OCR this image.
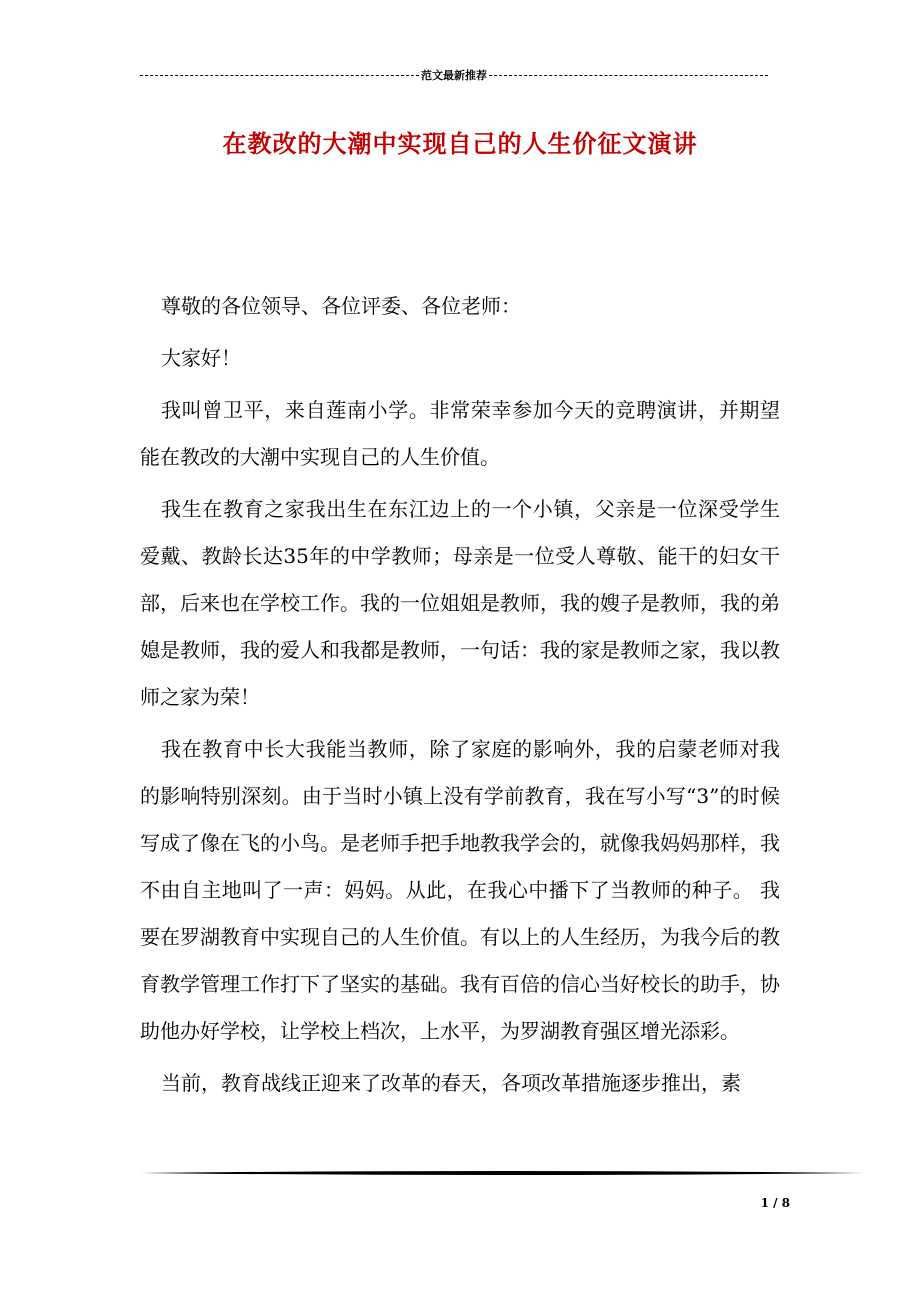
范文最新推荐
在教改的大潮中实现自己的人生价征文演讲

尊敬的各位领导、各位评委、各位老师：

大家好！

我叫曾卫平，来自莲南小学。非常荣幸参加今天的竞聘演讲，并期望能在教改的大潮中实现自己的人生价值。

我生在教育之家我出生在东江边上的一个小镇，父亲是一位深受学生爱戴、教龄长达35年的中学教师；母亲是一位受人尊敬、能干的妇女干部，后来也在学校工作。我的一位姐姐是教师，我的嫂子是教师，我的弟媳是教师，我的爱人和我都是教师，一句话：我的家是教师之家，我以教师之家为荣！

我在教育中长大我能当教师，除了家庭的影响外，我的启蒙老师对我的影响特别深刻。由于当时小镇上没有学前教育，我在写小写“3”的时候写成了像在飞的小鸟。是老师手把手地教我学会的，就像我妈妈那样，我不由自主地叫了一声：妈妈。从此，在我心中播下了当教师的种子。 我要在罗湖教育中实现自己的人生价值。有以上的人生经历，为我今后的教育教学管理工作打下了坚实的基础。我有百倍的信心当好校长的助手，协助他办好学校，让学校上档次，上水平，为罗湖教育强区增光添彩。

当前，教育战线正迎来了改革的春天，各项改革措施逐步推出，素

1 / 8
